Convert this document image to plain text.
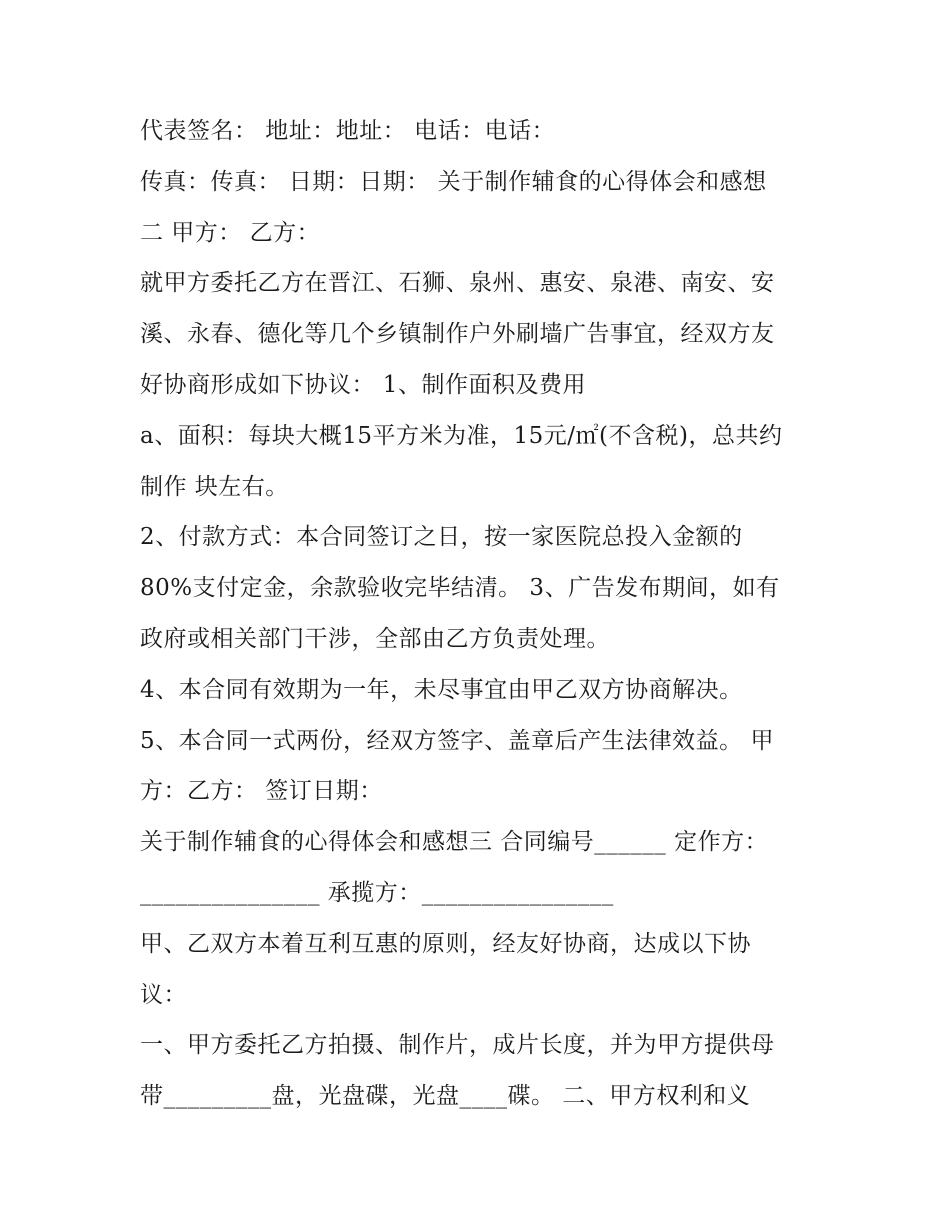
代表签名： 地址：地址： 电话：电话：
传真：传真： 日期：日期： 关于制作辅食的心得体会和感想
二 甲方： 乙方：
就甲方委托乙方在晋江、石狮、泉州、惠安、泉港、南安、安
溪、永春、德化等几个乡镇制作户外刷墙广告事宜，经双方友
好协商形成如下协议： 1、制作面积及费用
a、面积：每块大概15平方米为准，15元/㎡(不含税)，总共约
制作 块左右。
2、付款方式：本合同签订之日，按一家医院总投入金额的
80%支付定金，余款验收完毕结清。 3、广告发布期间，如有
政府或相关部门干涉，全部由乙方负责处理。
4、本合同有效期为一年，未尽事宜由甲乙双方协商解决。
5、本合同一式两份，经双方签字、盖章后产生法律效益。 甲
方：乙方： 签订日期：
关于制作辅食的心得体会和感想三 合同编号______ 定作方：
_______________ 承揽方：________________
甲、乙双方本着互利互惠的原则，经友好协商，达成以下协
议：
一、甲方委托乙方拍摄、制作片，成片长度，并为甲方提供母
带_________盘，光盘碟，光盘____碟。 二、甲方权利和义
